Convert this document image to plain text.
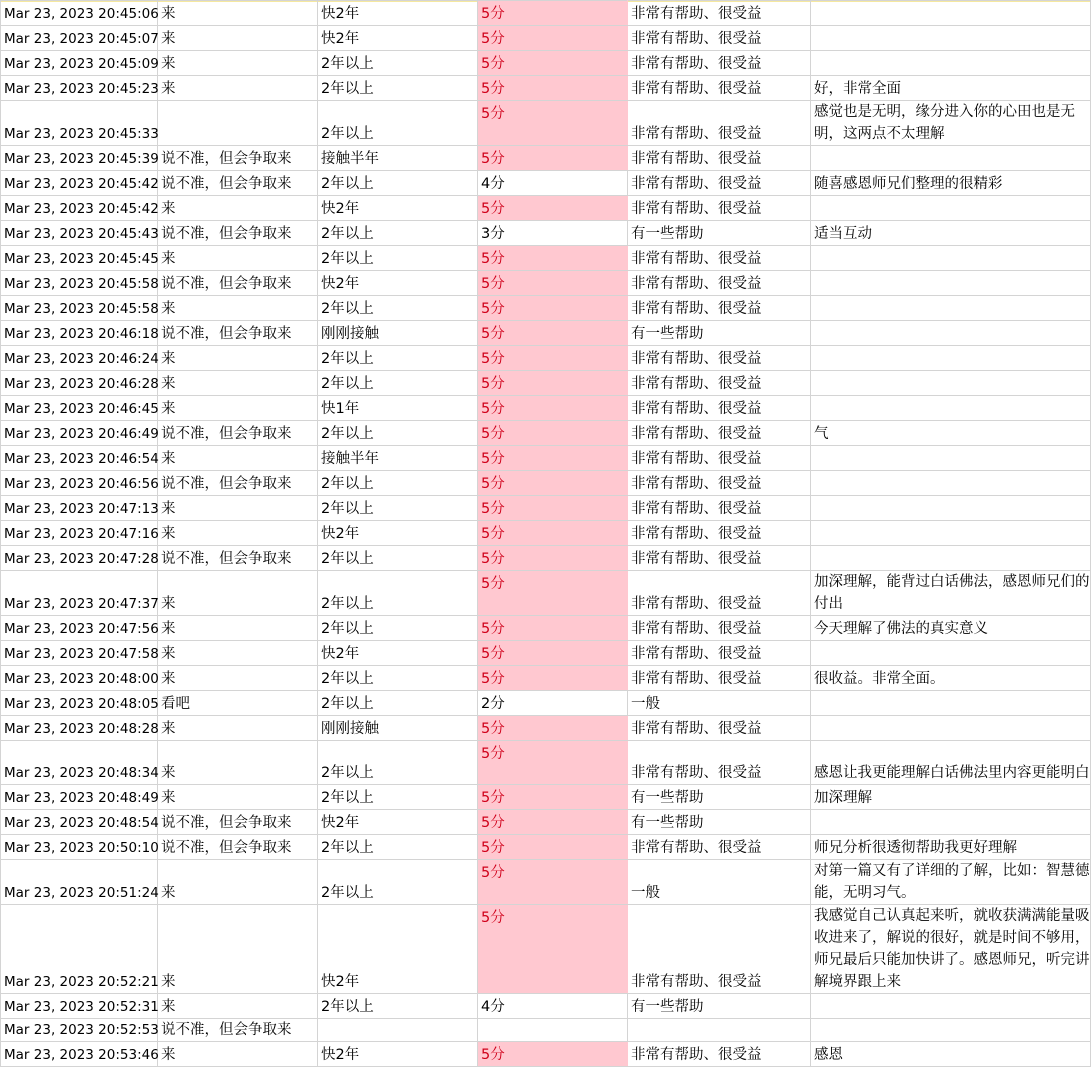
Mar 23, 2023 20:45:06	来	快2年	5分	非常有帮助、很受益	
Mar 23, 2023 20:45:07	来	快2年	5分	非常有帮助、很受益	
Mar 23, 2023 20:45:09	来	2年以上	5分	非常有帮助、很受益	
Mar 23, 2023 20:45:23	来	2年以上	5分	非常有帮助、很受益	好，非常全面
Mar 23, 2023 20:45:33		2年以上	5分	非常有帮助、很受益	感觉也是无明，缘分进入你的心田也是无明，这两点不太理解
Mar 23, 2023 20:45:39	说不准，但会争取来	接触半年	5分	非常有帮助、很受益	
Mar 23, 2023 20:45:42	说不准，但会争取来	2年以上	4分	非常有帮助、很受益	随喜感恩师兄们整理的很精彩
Mar 23, 2023 20:45:42	来	快2年	5分	非常有帮助、很受益	
Mar 23, 2023 20:45:43	说不准，但会争取来	2年以上	3分	有一些帮助	适当互动
Mar 23, 2023 20:45:45	来	2年以上	5分	非常有帮助、很受益	
Mar 23, 2023 20:45:58	说不准，但会争取来	快2年	5分	非常有帮助、很受益	
Mar 23, 2023 20:45:58	来	2年以上	5分	非常有帮助、很受益	
Mar 23, 2023 20:46:18	说不准，但会争取来	刚刚接触	5分	有一些帮助	
Mar 23, 2023 20:46:24	来	2年以上	5分	非常有帮助、很受益	
Mar 23, 2023 20:46:28	来	2年以上	5分	非常有帮助、很受益	
Mar 23, 2023 20:46:45	来	快1年	5分	非常有帮助、很受益	
Mar 23, 2023 20:46:49	说不准，但会争取来	2年以上	5分	非常有帮助、很受益	气
Mar 23, 2023 20:46:54	来	接触半年	5分	非常有帮助、很受益	
Mar 23, 2023 20:46:56	说不准，但会争取来	2年以上	5分	非常有帮助、很受益	
Mar 23, 2023 20:47:13	来	2年以上	5分	非常有帮助、很受益	
Mar 23, 2023 20:47:16	来	快2年	5分	非常有帮助、很受益	
Mar 23, 2023 20:47:28	说不准，但会争取来	2年以上	5分	非常有帮助、很受益	
Mar 23, 2023 20:47:37	来	2年以上	5分	非常有帮助、很受益	加深理解，能背过白话佛法，感恩师兄们的付出
Mar 23, 2023 20:47:56	来	2年以上	5分	非常有帮助、很受益	今天理解了佛法的真实意义
Mar 23, 2023 20:47:58	来	快2年	5分	非常有帮助、很受益	
Mar 23, 2023 20:48:00	来	2年以上	5分	非常有帮助、很受益	很收益。非常全面。
Mar 23, 2023 20:48:05	看吧	2年以上	2分	一般	
Mar 23, 2023 20:48:28	来	刚刚接触	5分	非常有帮助、很受益	
Mar 23, 2023 20:48:34	来	2年以上	5分	非常有帮助、很受益	感恩让我更能理解白话佛法里内容更能明白
Mar 23, 2023 20:48:49	来	2年以上	5分	有一些帮助	加深理解
Mar 23, 2023 20:48:54	说不准，但会争取来	快2年	5分	有一些帮助	
Mar 23, 2023 20:50:10	说不准，但会争取来	2年以上	5分	非常有帮助、很受益	师兄分析很透彻帮助我更好理解
Mar 23, 2023 20:51:24	来	2年以上	5分	一般	对第一篇又有了详细的了解，比如：智慧德能，无明习气。
Mar 23, 2023 20:52:21	来	快2年	5分	非常有帮助、很受益	我感觉自己认真起来听，就收获满满能量吸收进来了，解说的很好，就是时间不够用，师兄最后只能加快讲了。感恩师兄，听完讲解境界跟上来
Mar 23, 2023 20:52:31	来	2年以上	4分	有一些帮助	
Mar 23, 2023 20:52:53	说不准，但会争取来				
Mar 23, 2023 20:53:46	来	快2年	5分	非常有帮助、很受益	感恩
